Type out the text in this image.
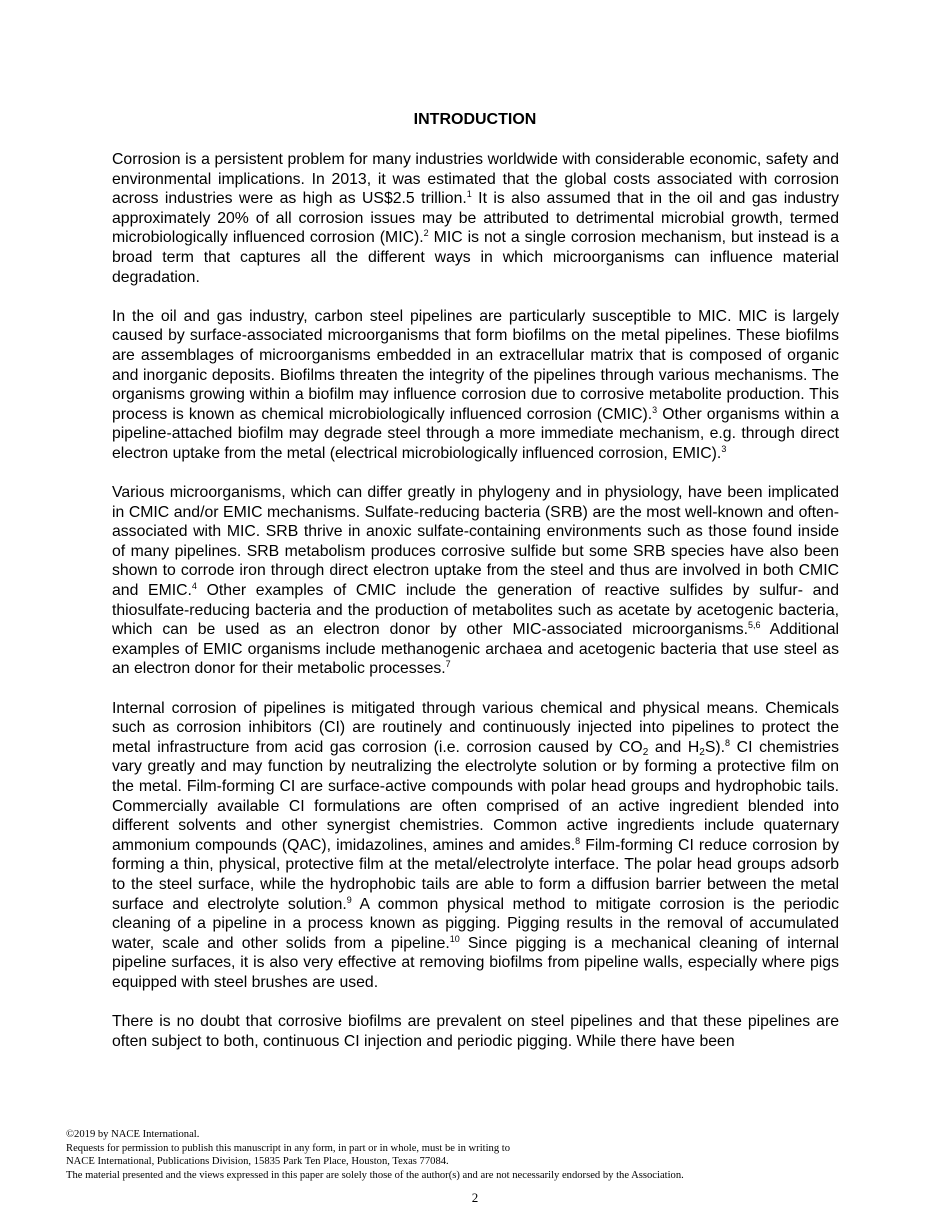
INTRODUCTION

Corrosion is a persistent problem for many industries worldwide with considerable economic, safety and environmental implications. In 2013, it was estimated that the global costs associated with corrosion across industries were as high as US$2.5 trillion.$^1$ It is also assumed that in the oil and gas industry approximately 20% of all corrosion issues may be attributed to detrimental microbial growth, termed microbiologically influenced corrosion (MIC).$^2$ MIC is not a single corrosion mechanism, but instead is a broad term that captures all the different ways in which microorganisms can influence material degradation.

In the oil and gas industry, carbon steel pipelines are particularly susceptible to MIC. MIC is largely caused by surface-associated microorganisms that form biofilms on the metal pipelines. These biofilms are assemblages of microorganisms embedded in an extracellular matrix that is composed of organic and inorganic deposits. Biofilms threaten the integrity of the pipelines through various mechanisms. The organisms growing within a biofilm may influence corrosion due to corrosive metabolite production. This process is known as chemical microbiologically influenced corrosion (CMIC).$^3$ Other organisms within a pipeline-attached biofilm may degrade steel through a more immediate mechanism, e.g. through direct electron uptake from the metal (electrical microbiologically influenced corrosion, EMIC).$^3$

Various microorganisms, which can differ greatly in phylogeny and in physiology, have been implicated in CMIC and/or EMIC mechanisms. Sulfate-reducing bacteria (SRB) are the most well-known and often-associated with MIC. SRB thrive in anoxic sulfate-containing environments such as those found inside of many pipelines. SRB metabolism produces corrosive sulfide but some SRB species have also been shown to corrode iron through direct electron uptake from the steel and thus are involved in both CMIC and EMIC.$^4$ Other examples of CMIC include the generation of reactive sulfides by sulfur- and thiosulfate-reducing bacteria and the production of metabolites such as acetate by acetogenic bacteria, which can be used as an electron donor by other MIC-associated microorganisms.$^{5,6}$ Additional examples of EMIC organisms include methanogenic archaea and acetogenic bacteria that use steel as an electron donor for their metabolic processes.$^7$

Internal corrosion of pipelines is mitigated through various chemical and physical means. Chemicals such as corrosion inhibitors (CI) are routinely and continuously injected into pipelines to protect the metal infrastructure from acid gas corrosion (i.e. corrosion caused by $CO_2$ and $H_2S).^8$ CI chemistries vary greatly and may function by neutralizing the electrolyte solution or by forming a protective film on the metal. Film-forming CI are surface-active compounds with polar head groups and hydrophobic tails. Commercially available CI formulations are often comprised of an active ingredient blended into different solvents and other synergist chemistries. Common active ingredients include quaternary ammonium compounds (QAC), imidazolines, amines and amides.$^8$ Film-forming CI reduce corrosion by forming a thin, physical, protective film at the metal/electrolyte interface. The polar head groups adsorb to the steel surface, while the hydrophobic tails are able to form a diffusion barrier between the metal surface and electrolyte solution.$^9$ A common physical method to mitigate corrosion is the periodic cleaning of a pipeline in a process known as pigging. Pigging results in the removal of accumulated water, scale and other solids from a pipeline.$^{10}$ Since pigging is a mechanical cleaning of internal pipeline surfaces, it is also very effective at removing biofilms from pipeline walls, especially where pigs equipped with steel brushes are used.

There is no doubt that corrosive biofilms are prevalent on steel pipelines and that these pipelines are often subject to both, continuous CI injection and periodic pigging. While there have been

©2019 by NACE International.
Requests for permission to publish this manuscript in any form, in part or in whole, must be in writing to
NACE International, Publications Division, 15835 Park Ten Place, Houston, Texas 77084.
The material presented and the views expressed in this paper are solely those of the author(s) and are not necessarily endorsed by the Association.
2
